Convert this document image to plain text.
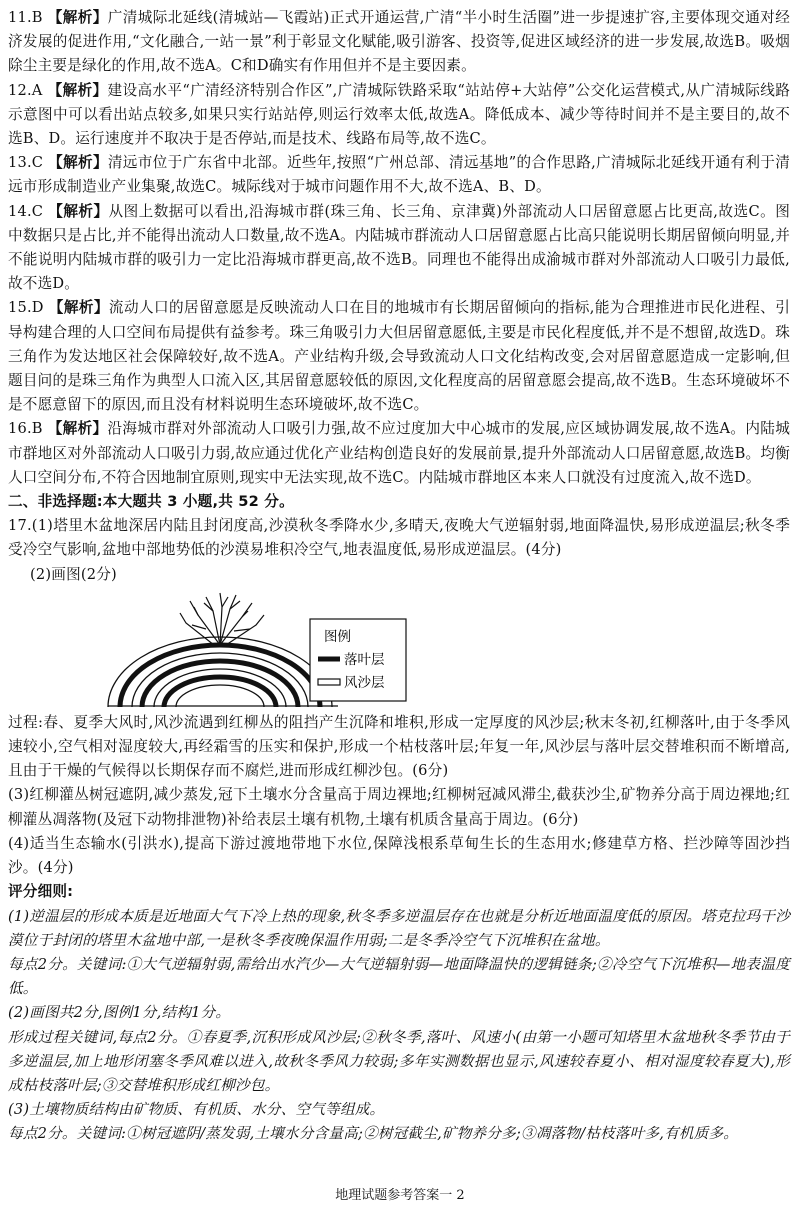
11.B 【解析】广清城际北延线(清城站—飞霞站)正式开通运营,广清“半小时生活圈”进一步提速扩容,主要体现交通对经济发展的促进作用,“文化融合,一站一景”利于彰显文化赋能,吸引游客、投资等,促进区域经济的进一步发展,故选B。吸烟除尘主要是绿化的作用,故不选A。C和D确实有作用但并不是主要因素。

12.A 【解析】建设高水平“广清经济特别合作区”,广清城际铁路采取“站站停+大站停”公交化运营模式,从广清城际线路示意图中可以看出站点较多,如果只实行站站停,则运行效率太低,故选A。降低成本、减少等待时间并不是主要目的,故不选B、D。运行速度并不取决于是否停站,而是技术、线路布局等,故不选C。

13.C 【解析】清远市位于广东省中北部。近些年,按照“广州总部、清远基地”的合作思路,广清城际北延线开通有利于清远市形成制造业产业集聚,故选C。城际线对于城市问题作用不大,故不选A、B、D。

14.C 【解析】从图上数据可以看出,沿海城市群(珠三角、长三角、京津冀)外部流动人口居留意愿占比更高,故选C。图中数据只是占比,并不能得出流动人口数量,故不选A。内陆城市群流动人口居留意愿占比高只能说明长期居留倾向明显,并不能说明内陆城市群的吸引力一定比沿海城市群更高,故不选B。同理也不能得出成渝城市群对外部流动人口吸引力最低,故不选D。

15.D 【解析】流动人口的居留意愿是反映流动人口在目的地城市有长期居留倾向的指标,能为合理推进市民化进程、引导构建合理的人口空间布局提供有益参考。珠三角吸引力大但居留意愿低,主要是市民化程度低,并不是不想留,故选D。珠三角作为发达地区社会保障较好,故不选A。产业结构升级,会导致流动人口文化结构改变,会对居留意愿造成一定影响,但题目问的是珠三角作为典型人口流入区,其居留意愿较低的原因,文化程度高的居留意愿会提高,故不选B。生态环境破坏不是不愿意留下的原因,而且没有材料说明生态环境破坏,故不选C。

16.B 【解析】沿海城市群对外部流动人口吸引力强,故不应过度加大中心城市的发展,应区域协调发展,故不选A。内陆城市群地区对外部流动人口吸引力弱,故应通过优化产业结构创造良好的发展前景,提升外部流动人口居留意愿,故选B。均衡人口空间分布,不符合因地制宜原则,现实中无法实现,故不选C。内陆城市群地区本来人口就没有过度流入,故不选D。

二、非选择题:本大题共 3 小题,共 52 分。

17.(1)塔里木盆地深居内陆且封闭度高,沙漠秋冬季降水少,多晴天,夜晚大气逆辐射弱,地面降温快,易形成逆温层;秋冬季受冷空气影响,盆地中部地势低的沙漠易堆积冷空气,地表温度低,易形成逆温层。(4分)

(2)画图(2分)

图例
落叶层
风沙层

过程:春、夏季大风时,风沙流遇到红柳丛的阻挡产生沉降和堆积,形成一定厚度的风沙层;秋末冬初,红柳落叶,由于冬季风速较小,空气相对湿度较大,再经霜雪的压实和保护,形成一个枯枝落叶层;年复一年,风沙层与落叶层交替堆积而不断增高,且由于干燥的气候得以长期保存而不腐烂,进而形成红柳沙包。(6分)

(3)红柳灌丛树冠遮阴,减少蒸发,冠下土壤水分含量高于周边裸地;红柳树冠减风滞尘,截获沙尘,矿物养分高于周边裸地;红柳灌丛凋落物(及冠下动物排泄物)补给表层土壤有机物,土壤有机质含量高于周边。(6分)

(4)适当生态输水(引洪水),提高下游过渡地带地下水位,保障浅根系草甸生长的生态用水;修建草方格、拦沙障等固沙挡沙。(4分)

评分细则:

(1)逆温层的形成本质是近地面大气下冷上热的现象,秋冬季多逆温层存在也就是分析近地面温度低的原因。塔克拉玛干沙漠位于封闭的塔里木盆地中部,一是秋冬季夜晚保温作用弱;二是冬季冷空气下沉堆积在盆地。

每点2分。关键词:①大气逆辐射弱,需给出水汽少—大气逆辐射弱—地面降温快的逻辑链条;②冷空气下沉堆积—地表温度低。

(2)画图共2分,图例1分,结构1分。

形成过程关键词,每点2分。①春夏季,沉积形成风沙层;②秋冬季,落叶、风速小(由第一小题可知塔里木盆地秋冬季节由于多逆温层,加上地形闭塞冬季风难以进入,故秋冬季风力较弱;多年实测数据也显示,风速较春夏小、相对湿度较春夏大),形成枯枝落叶层;③交替堆积形成红柳沙包。

(3)土壤物质结构由矿物质、有机质、水分、空气等组成。

每点2分。关键词:①树冠遮阴/蒸发弱,土壤水分含量高;②树冠截尘,矿物养分多;③凋落物/枯枝落叶多,有机质多。

地理试题参考答案一 2
